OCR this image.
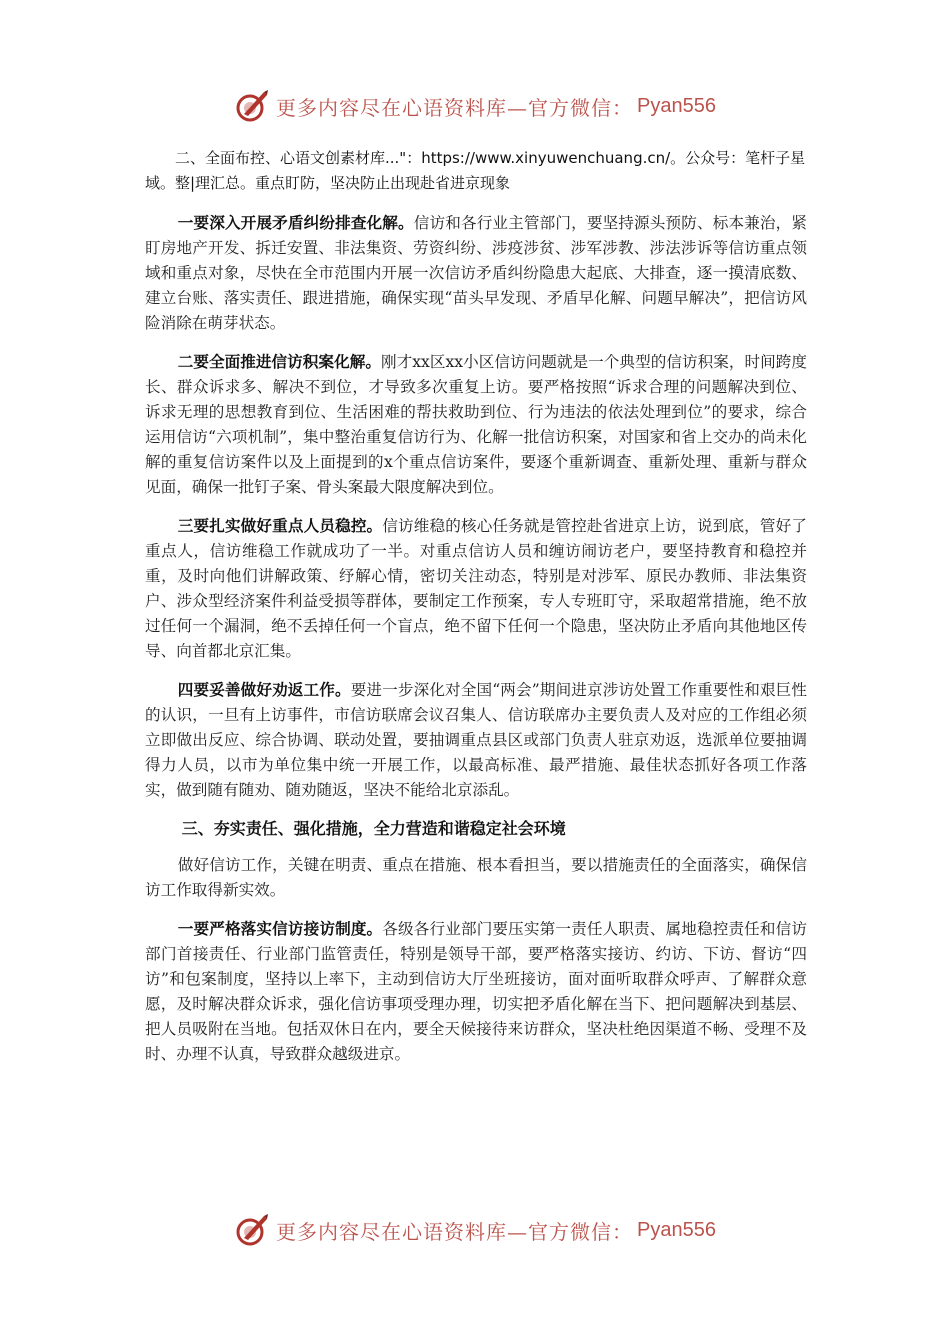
更多内容尽在心语资料库—官方微信： Pyan556

二、全面布控、心语文创素材库..."：https://www.xinyuwenchuang.cn/。公众号：笔杆子星域。整|理汇总。重点盯防，坚决防止出现赴省进京现象

一要深入开展矛盾纠纷排查化解。信访和各行业主管部门，要坚持源头预防、标本兼治，紧盯房地产开发、拆迁安置、非法集资、劳资纠纷、涉疫涉贫、涉军涉教、涉法涉诉等信访重点领域和重点对象，尽快在全市范围内开展一次信访矛盾纠纷隐患大起底、大排查，逐一摸清底数、建立台账、落实责任、跟进措施，确保实现“苗头早发现、矛盾早化解、问题早解决”，把信访风险消除在萌芽状态。

二要全面推进信访积案化解。刚才xx区xx小区信访问题就是一个典型的信访积案，时间跨度长、群众诉求多、解决不到位，才导致多次重复上访。要严格按照“诉求合理的问题解决到位、诉求无理的思想教育到位、生活困难的帮扶救助到位、行为违法的依法处理到位”的要求，综合运用信访“六项机制”，集中整治重复信访行为、化解一批信访积案，对国家和省上交办的尚未化解的重复信访案件以及上面提到的x个重点信访案件，要逐个重新调查、重新处理、重新与群众见面，确保一批钉子案、骨头案最大限度解决到位。

三要扎实做好重点人员稳控。信访维稳的核心任务就是管控赴省进京上访，说到底，管好了重点人，信访维稳工作就成功了一半。对重点信访人员和缠访闹访老户，要坚持教育和稳控并重，及时向他们讲解政策、纾解心情，密切关注动态，特别是对涉军、原民办教师、非法集资户、涉众型经济案件利益受损等群体，要制定工作预案，专人专班盯守，采取超常措施，绝不放过任何一个漏洞，绝不丢掉任何一个盲点，绝不留下任何一个隐患，坚决防止矛盾向其他地区传导、向首都北京汇集。

四要妥善做好劝返工作。要进一步深化对全国“两会”期间进京涉访处置工作重要性和艰巨性的认识，一旦有上访事件，市信访联席会议召集人、信访联席办主要负责人及对应的工作组必须立即做出反应、综合协调、联动处置，要抽调重点县区或部门负责人驻京劝返，选派单位要抽调得力人员，以市为单位集中统一开展工作，以最高标准、最严措施、最佳状态抓好各项工作落实，做到随有随劝、随劝随返，坚决不能给北京添乱。

三、夯实责任、强化措施，全力营造和谐稳定社会环境

做好信访工作，关键在明责、重点在措施、根本看担当，要以措施责任的全面落实，确保信访工作取得新实效。

一要严格落实信访接访制度。各级各行业部门要压实第一责任人职责、属地稳控责任和信访部门首接责任、行业部门监管责任，特别是领导干部，要严格落实接访、约访、下访、督访“四访”和包案制度，坚持以上率下，主动到信访大厅坐班接访，面对面听取群众呼声、了解群众意愿，及时解决群众诉求，强化信访事项受理办理，切实把矛盾化解在当下、把问题解决到基层、把人员吸附在当地。包括双休日在内，要全天候接待来访群众，坚决杜绝因渠道不畅、受理不及时、办理不认真，导致群众越级进京。

更多内容尽在心语资料库—官方微信： Pyan556
